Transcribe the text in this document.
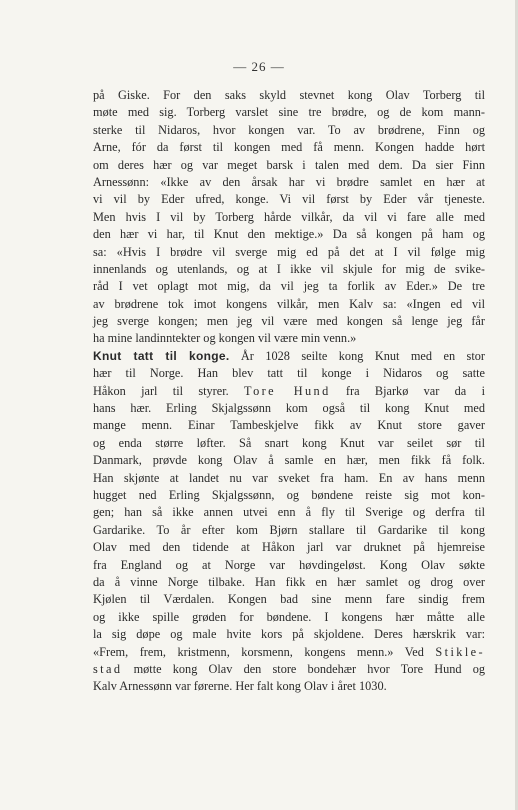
— 26 —
på Giske. For den saks skyld stevnet kong Olav Torberg til
møte med sig. Torberg varslet sine tre brødre, og de kom mann-
sterke til Nidaros, hvor kongen var. To av brødrene, Finn og
Arne, fór da først til kongen med få menn. Kongen hadde hørt
om deres hær og var meget barsk i talen med dem. Da sier Finn
Arnessønn: «Ikke av den årsak har vi brødre samlet en hær at
vi vil by Eder ufred, konge. Vi vil først by Eder vår tjeneste.
Men hvis I vil by Torberg hårde vilkår, da vil vi fare alle med
den hær vi har, til Knut den mektige.» Da så kongen på ham og
sa: «Hvis I brødre vil sverge mig ed på det at I vil følge mig
innenlands og utenlands, og at I ikke vil skjule for mig de svike-
råd I vet oplagt mot mig, da vil jeg ta forlik av Eder.» De tre
av brødrene tok imot kongens vilkår, men Kalv sa: «Ingen ed vil
jeg sverge kongen; men jeg vil være med kongen så lenge jeg får
ha mine landinntekter og kongen vil være min venn.»
Knut tatt til konge. År 1028 seilte kong Knut med en stor
hær til Norge. Han blev tatt til konge i Nidaros og satte
Håkon jarl til styrer. Tore Hund fra Bjarkø var da i
hans hær. Erling Skjalgssønn kom også til kong Knut med
mange menn. Einar Tambeskjelve fikk av Knut store gaver
og enda større løfter. Så snart kong Knut var seilet sør til
Danmark, prøvde kong Olav å samle en hær, men fikk få folk.
Han skjønte at landet nu var sveket fra ham. En av hans menn
hugget ned Erling Skjalgssønn, og bøndene reiste sig mot kon-
gen; han så ikke annen utvei enn å fly til Sverige og derfra til
Gardarike. To år efter kom Bjørn stallare til Gardarike til kong
Olav med den tidende at Håkon jarl var druknet på hjemreise
fra England og at Norge var høvdingeløst. Kong Olav søkte
da å vinne Norge tilbake. Han fikk en hær samlet og drog over
Kjølen til Værdalen. Kongen bad sine menn fare sindig frem
og ikke spille grøden for bøndene. I kongens hær måtte alle
la sig døpe og male hvite kors på skjoldene. Deres hærskrik var:
«Frem, frem, kristmenn, korsmenn, kongens menn.» Ved Stikle-
stad møtte kong Olav den store bondehær hvor Tore Hund og
Kalv Arnessønn var førerne. Her falt kong Olav i året 1030.
